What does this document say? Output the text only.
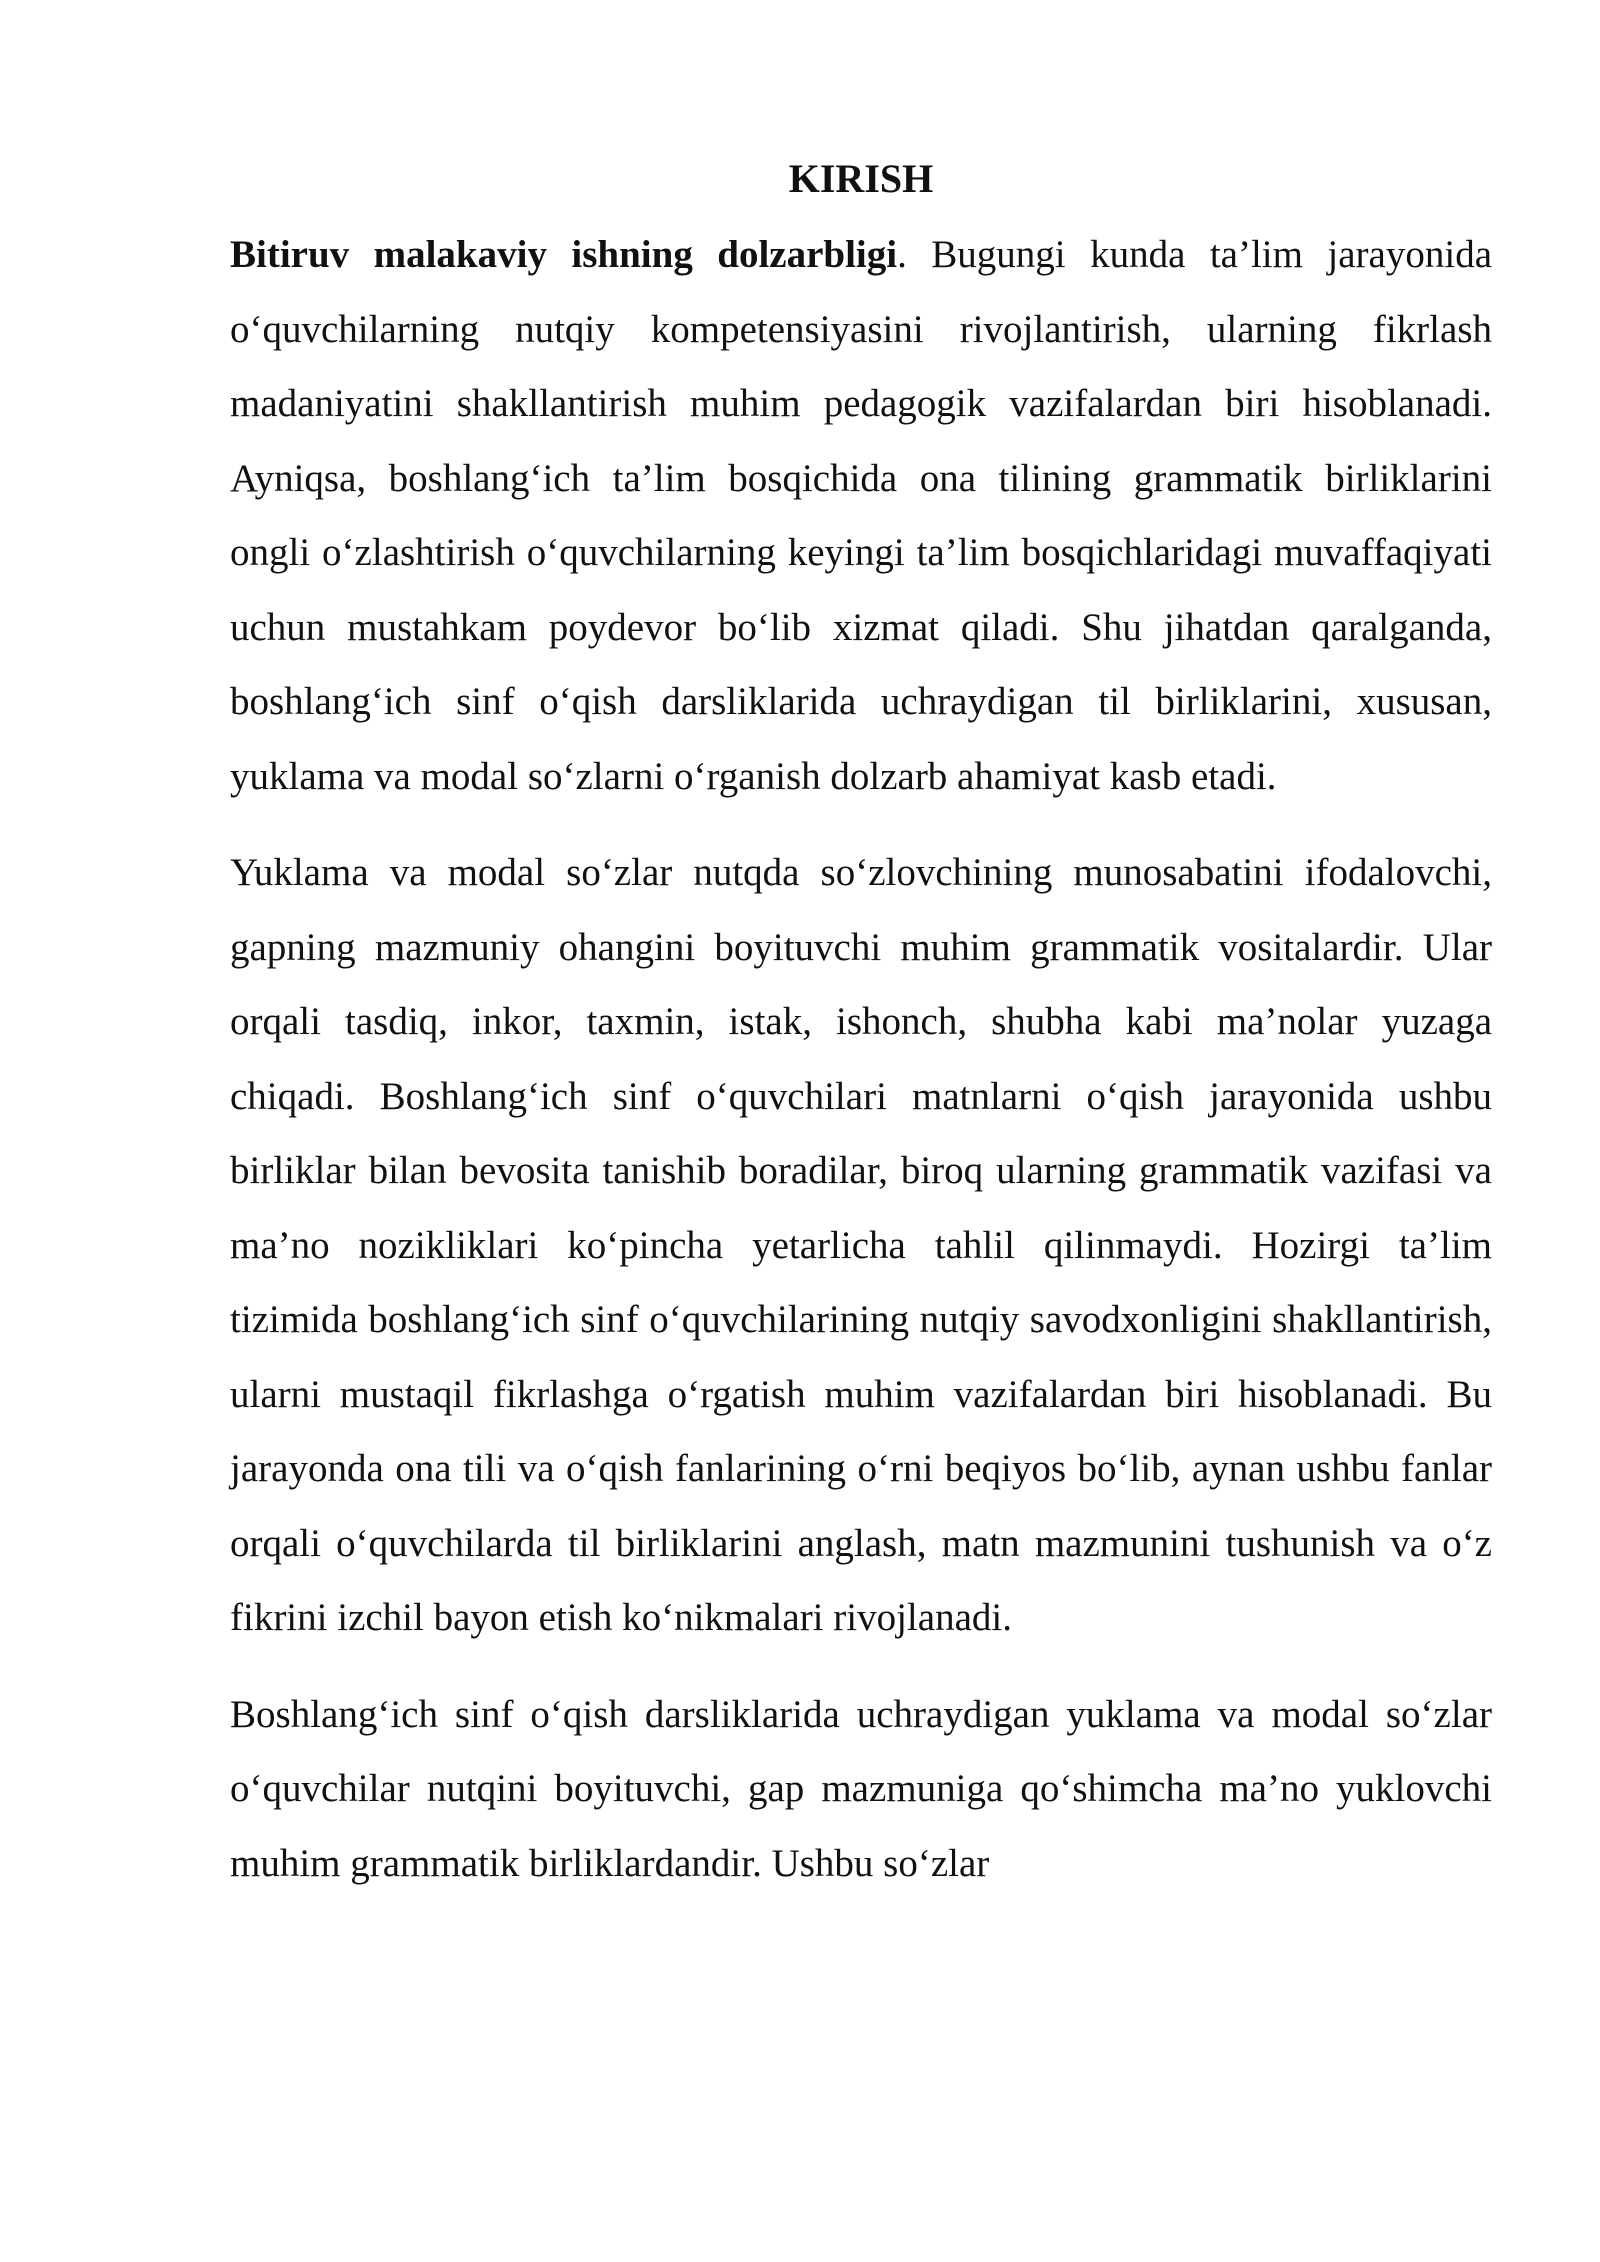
KIRISH

Bitiruv malakaviy ishning dolzarbligi. Bugungi kunda ta’lim jarayonida o‘quvchilarning nutqiy kompetensiyasini rivojlantirish, ularning fikrlash madaniyatini shakllantirish muhim pedagogik vazifalardan biri hisoblanadi. Ayniqsa, boshlang‘ich ta’lim bosqichida ona tilining grammatik birliklarini ongli o‘zlashtirish o‘quvchilarning keyingi ta’lim bosqichlaridagi muvaffaqiyati uchun mustahkam poydevor bo‘lib xizmat qiladi. Shu jihatdan qaralganda, boshlang‘ich sinf o‘qish darsliklarida uchraydigan til birliklarini, xususan, yuklama va modal so‘zlarni o‘rganish dolzarb ahamiyat kasb etadi.

Yuklama va modal so‘zlar nutqda so‘zlovchining munosabatini ifodalovchi, gapning mazmuniy ohangini boyituvchi muhim grammatik vositalardir. Ular orqali tasdiq, inkor, taxmin, istak, ishonch, shubha kabi ma’nolar yuzaga chiqadi. Boshlang‘ich sinf o‘quvchilari matnlarni o‘qish jarayonida ushbu birliklar bilan bevosita tanishib boradilar, biroq ularning grammatik vazifasi va ma’no nozikliklari ko‘pincha yetarlicha tahlil qilinmaydi. Hozirgi ta’lim tizimida boshlang‘ich sinf o‘quvchilarining nutqiy savodxonligini shakllantirish, ularni mustaqil fikrlashga o‘rgatish muhim vazifalardan biri hisoblanadi. Bu jarayonda ona tili va o‘qish fanlarining o‘rni beqiyos bo‘lib, aynan ushbu fanlar orqali o‘quvchilarda til birliklarini anglash, matn mazmunini tushunish va o‘z fikrini izchil bayon etish ko‘nikmalari rivojlanadi.

Boshlang‘ich sinf o‘qish darsliklarida uchraydigan yuklama va modal so‘zlar o‘quvchilar nutqini boyituvchi, gap mazmuniga qo‘shimcha ma’no yuklovchi muhim grammatik birliklardandir. Ushbu so‘zlar
